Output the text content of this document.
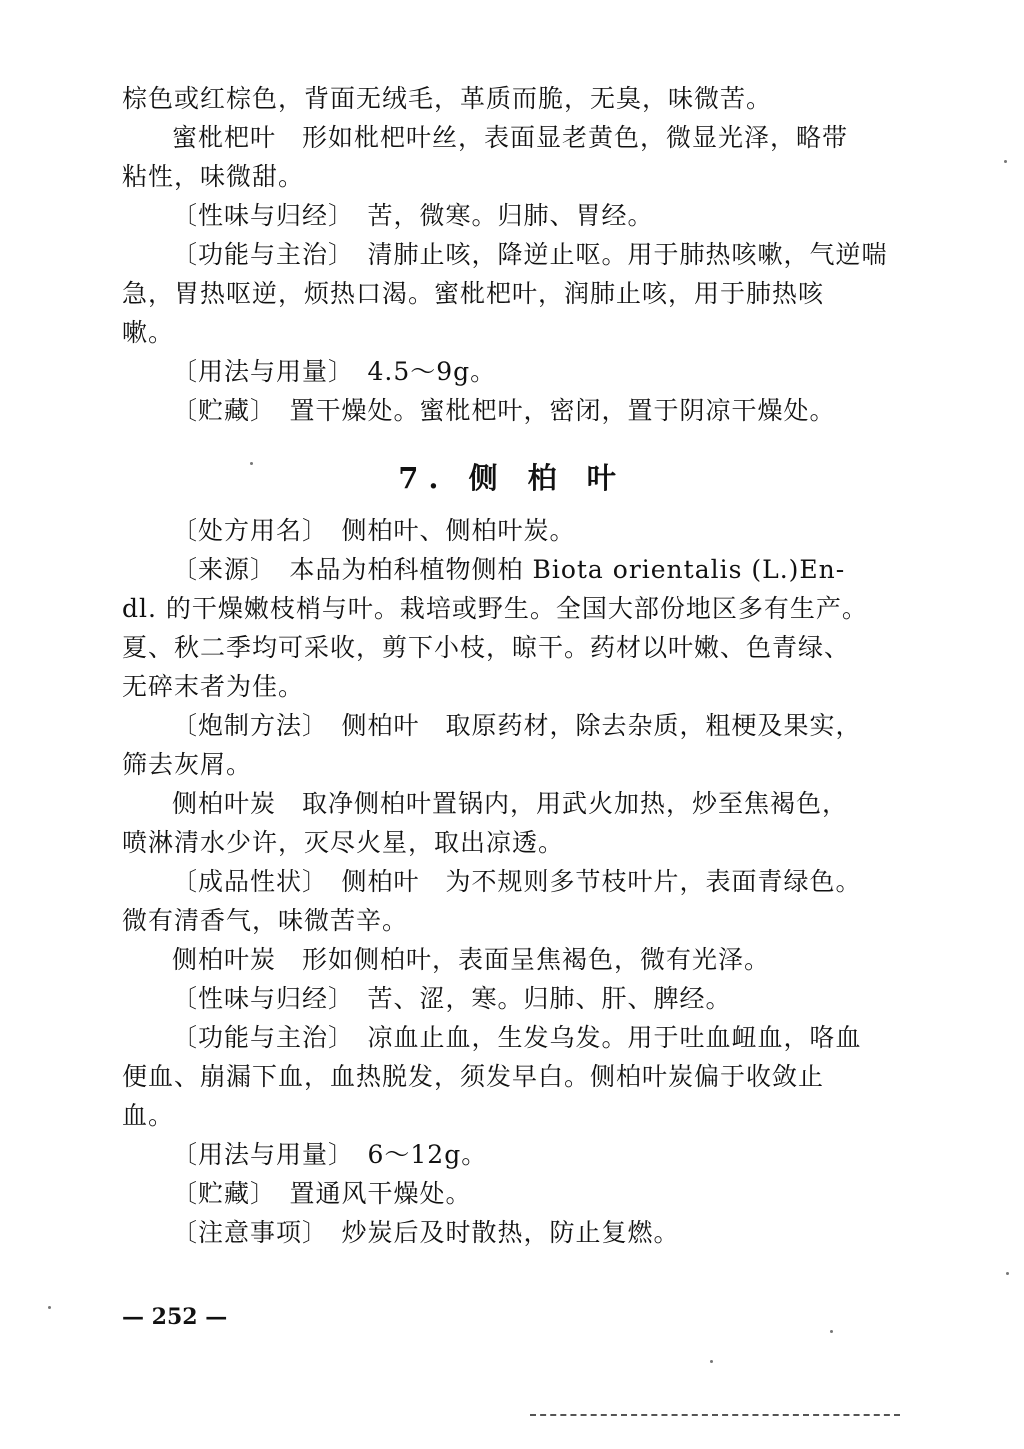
棕色或红棕色，背面无绒毛，革质而脆，无臭，味微苦。
蜜枇杷叶　形如枇杷叶丝，表面显老黄色，微显光泽，略带
粘性，味微甜。
〔性味与归经〕　苦，微寒。归肺、胃经。
〔功能与主治〕　清肺止咳，降逆止呕。用于肺热咳嗽，气逆喘
急，胃热呕逆，烦热口渴。蜜枇杷叶，润肺止咳，用于肺热咳
嗽。
〔用法与用量〕　4.5～9g。
〔贮藏〕　置干燥处。蜜枇杷叶，密闭，置于阴凉干燥处。
7. 侧 柏 叶
〔处方用名〕　侧柏叶、侧柏叶炭。
〔来源〕　本品为柏科植物侧柏 Biota orientalis (L.)En-
dl. 的干燥嫩枝梢与叶。栽培或野生。全国大部份地区多有生产。
夏、秋二季均可采收，剪下小枝，晾干。药材以叶嫩、色青绿、
无碎末者为佳。
〔炮制方法〕　侧柏叶　取原药材，除去杂质，粗梗及果实，
筛去灰屑。
侧柏叶炭　取净侧柏叶置锅内，用武火加热，炒至焦褐色，
喷淋清水少许，灭尽火星，取出凉透。
〔成品性状〕　侧柏叶　为不规则多节枝叶片，表面青绿色。
微有清香气，味微苦辛。
侧柏叶炭　形如侧柏叶，表面呈焦褐色，微有光泽。
〔性味与归经〕　苦、涩，寒。归肺、肝、脾经。
〔功能与主治〕　凉血止血，生发乌发。用于吐血衄血，咯血
便血、崩漏下血，血热脱发，须发早白。侧柏叶炭偏于收敛止
血。
〔用法与用量〕　6～12g。
〔贮藏〕　置通风干燥处。
〔注意事项〕　炒炭后及时散热，防止复燃。
— 252 —
